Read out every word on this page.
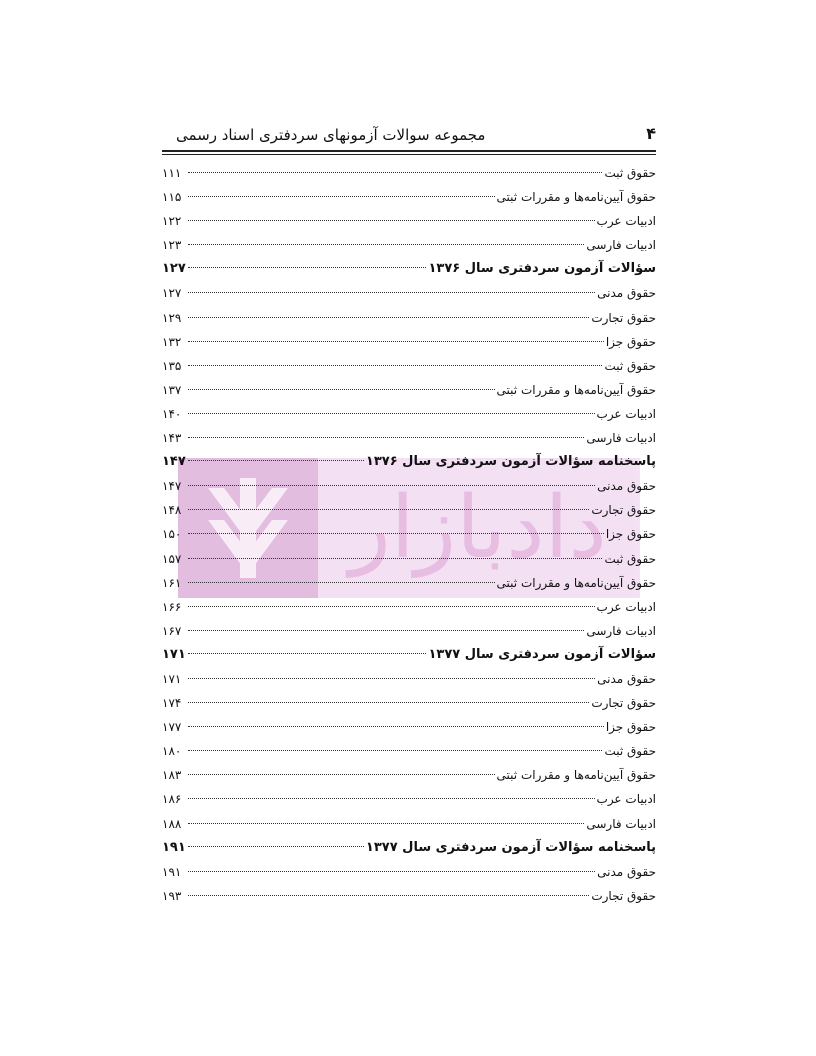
۴
مجموعه سوالات آزمونهای سردفتری اسناد رسمی
دادبازار
حقوق ثبت
۱۱۱
حقوق آیین‌نامه‌ها و مقررات ثبتی
۱۱۵
ادبیات عرب
۱۲۲
ادبیات فارسی
۱۲۳
سؤالات آزمون سردفتری سال ۱۳۷۶
۱۲۷
حقوق مدنی
۱۲۷
حقوق تجارت
۱۲۹
حقوق جزا
۱۳۲
حقوق ثبت
۱۳۵
حقوق آیین‌نامه‌ها و مقررات ثبتی
۱۳۷
ادبیات عرب
۱۴۰
ادبیات فارسی
۱۴۳
پاسخنامه سؤالات آزمون سردفتری سال ۱۳۷۶
۱۴۷
حقوق مدنی
۱۴۷
حقوق تجارت
۱۴۸
حقوق جزا
۱۵۰
حقوق ثبت
۱۵۷
حقوق آیین‌نامه‌ها و مقررات ثبتی
۱۶۱
ادبیات عرب
۱۶۶
ادبیات فارسی
۱۶۷
سؤالات آزمون سردفتری سال ۱۳۷۷
۱۷۱
حقوق مدنی
۱۷۱
حقوق تجارت
۱۷۴
حقوق جزا
۱۷۷
حقوق ثبت
۱۸۰
حقوق آیین‌نامه‌ها و مقررات ثبتی
۱۸۳
ادبیات عرب
۱۸۶
ادبیات فارسی
۱۸۸
پاسخنامه سؤالات آزمون سردفتری سال ۱۳۷۷
۱۹۱
حقوق مدنی
۱۹۱
حقوق تجارت
۱۹۳
